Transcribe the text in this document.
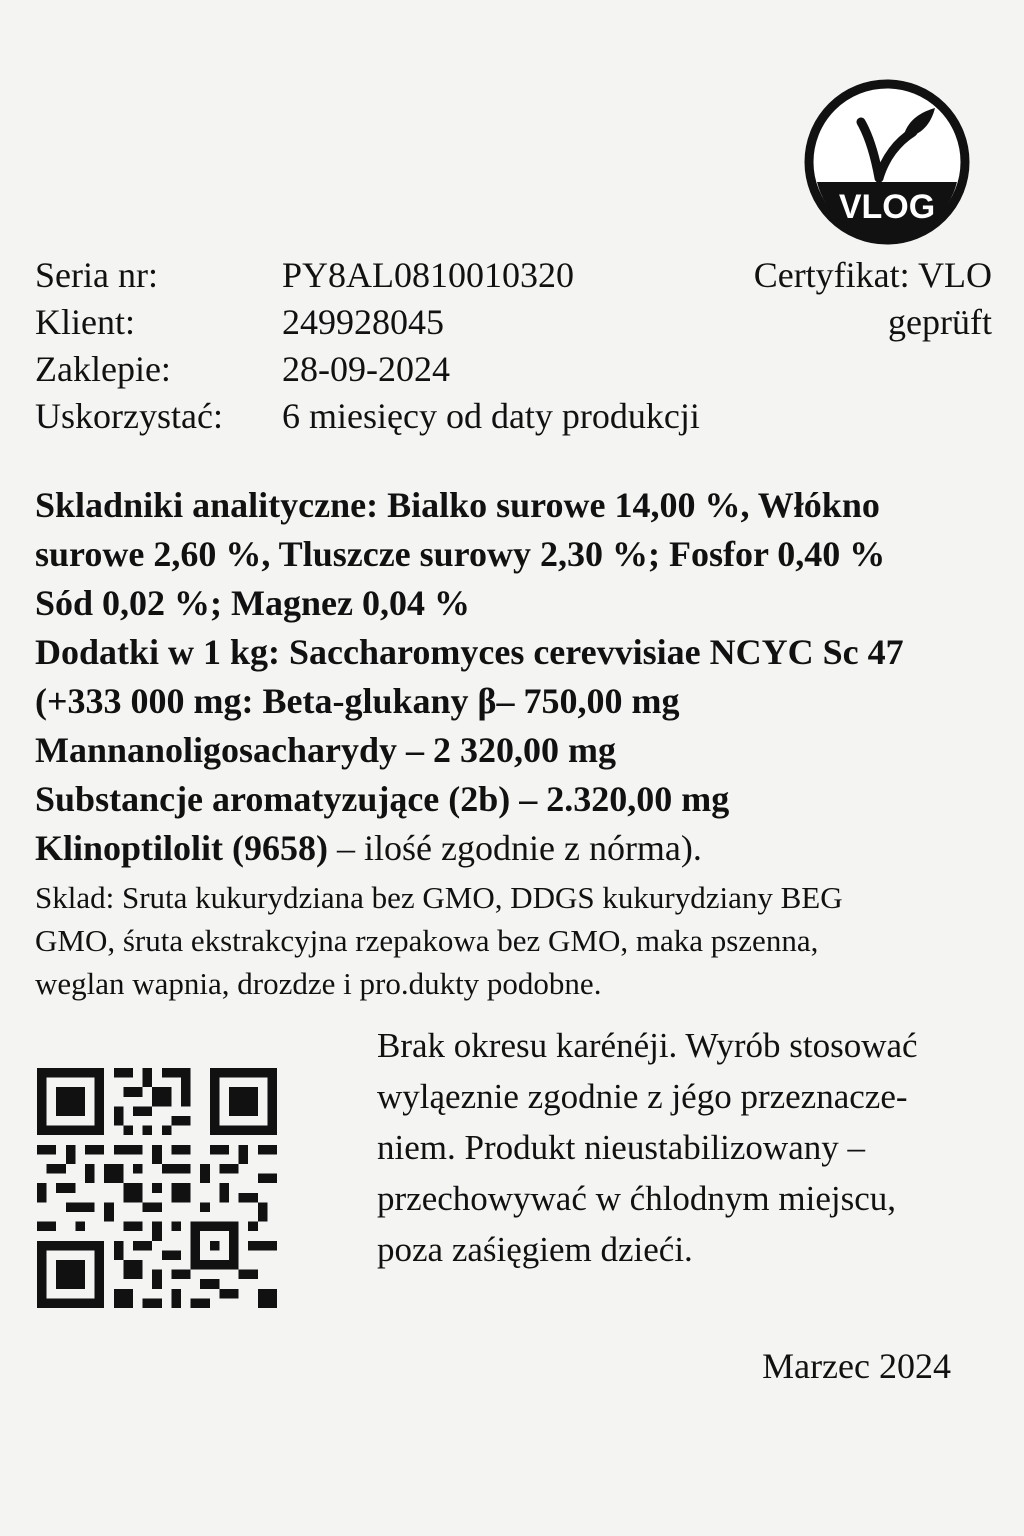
VLOG
Seria nr:	PY8AL0810010320
Klient:	249928045
Zaklepie:	28-09-2024
Uskorzystać:	6 miesięcy od daty produkcji
Certyfikat: VLO
geprüft
Skladniki analityczne: Bialko surowe 14,00 %, Włókno
surowe 2,60 %, Tluszcze surowy 2,30 %; Fosfor 0,40 %
Sód 0,02 %; Magnez 0,04 %
Dodatki w 1 kg: Saccharomyces cerevvisiae NCYC Sc 47
(+333 000 mg: Beta-glukany β– 750,00 mg
Mannanoligosacharydy – 2 320,00 mg
Substancje aromatyzujące (2b) – 2.320,00 mg
Klinoptilolit (9658) – ilośé zgodnie z nórma).
Sklad: Sruta kukurydziana bez GMO, DDGS kukurydziany BEG
GMO, śruta ekstrakcyjna rzepakowa bez GMO, maka pszenna,
weglan wapnia, drozdze i pro.dukty podobne.
Brak okresu karénéji. Wyrób stosować
wyląeznie zgodnie z jégo przeznacze-
niem. Produkt nieustabilizowany –
przechowywać w ćhlodnym miejscu,
poza zaśięgiem dzieći.
Marzec 2024
